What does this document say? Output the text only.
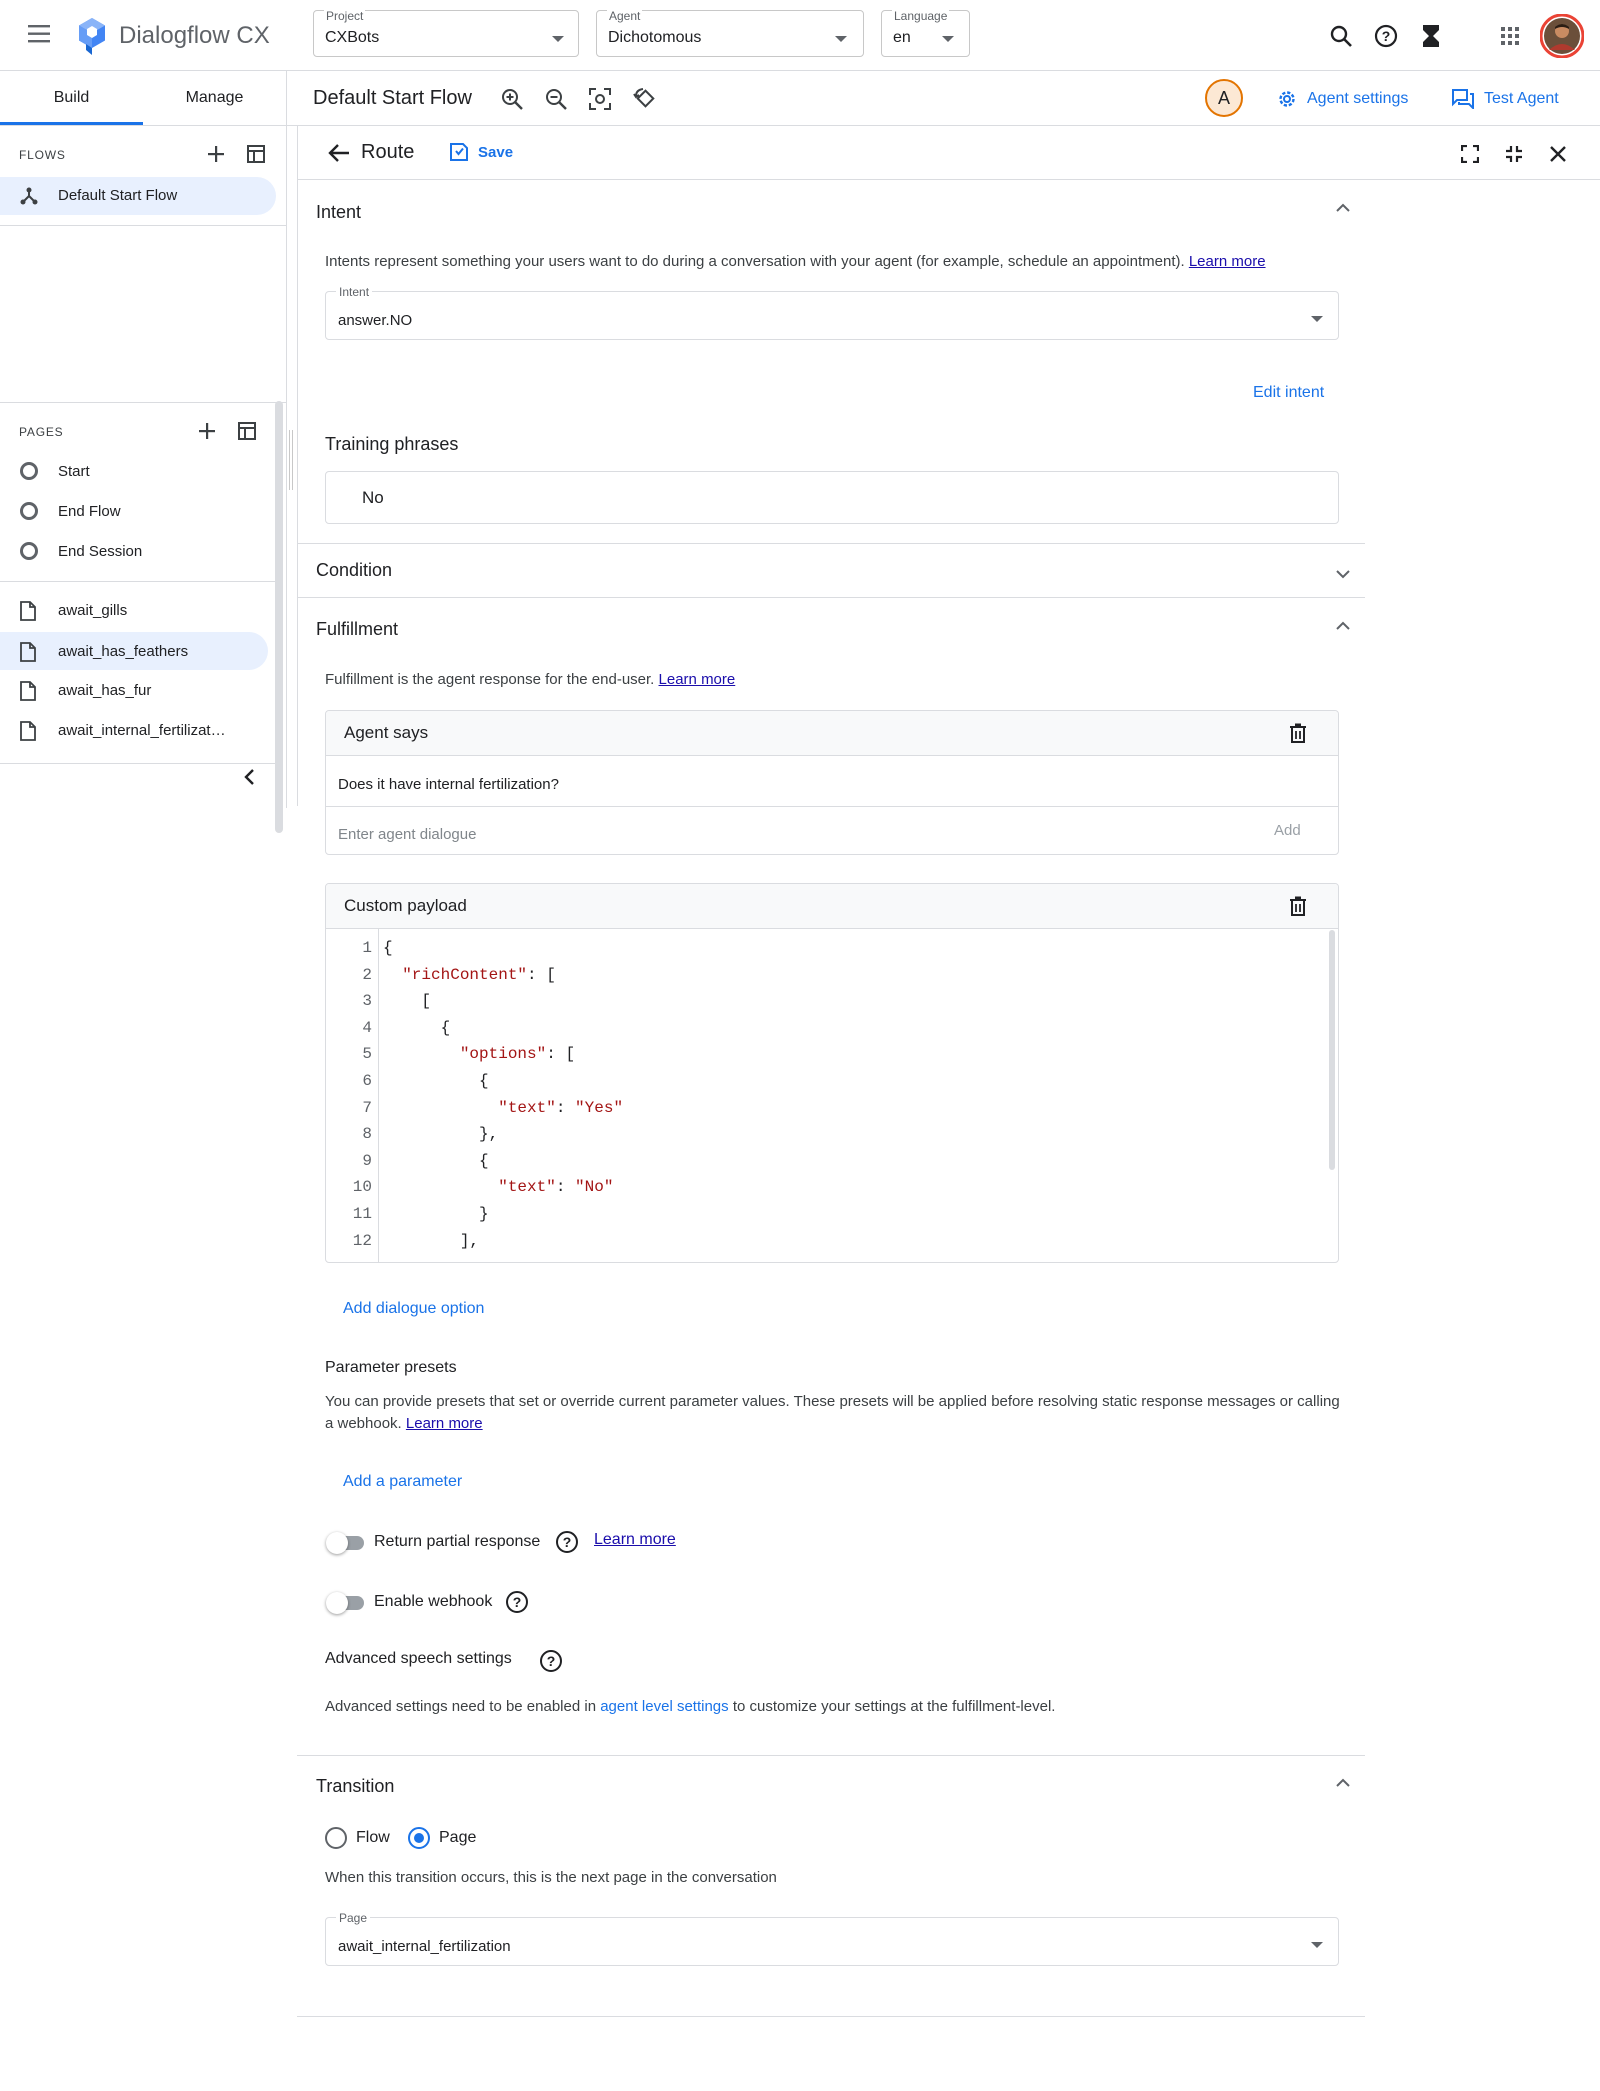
Dialogflow CX
Project
CXBots
Agent
Dichotomous
Language
en	?
Build	Manage
FLOWS
Default Start Flow
PAGES
Start
End Flow
End Session
await_gills
await_has_feathers
await_has_fur
await_internal_fertilizat…
Default Start Flow	A	Agent settings	Test Agent
Route	Save
Intent
Intents represent something your users want to do during a conversation with your agent (for example, schedule an appointment). Learn more
Intent
answer.NO
Edit intent
Training phrases
No
Condition
Fulfillment
Fulfillment is the agent response for the end-user. Learn more
Agent says
Does it have internal fertilization?
Enter agent dialogue	Add
Custom payload
1 {
2	"richContent": [
3 [
4 {
5	"options": [
6 {
7	"text": "Yes"
8 },
9 {
10	"text": "No"
11 }
12 ],
Add dialogue option
Parameter presets
You can provide presets that set or override current parameter values. These presets will be applied before resolving static response messages or calling a webhook. Learn more
Add a parameter
Return partial response	?	Learn more
Enable webhook	?
Advanced speech settings	?
Advanced settings need to be enabled in agent level settings to customize your settings at the fulfillment-level.
Transition
Flow	Page
When this transition occurs, this is the next page in the conversation
Page
await_internal_fertilization
